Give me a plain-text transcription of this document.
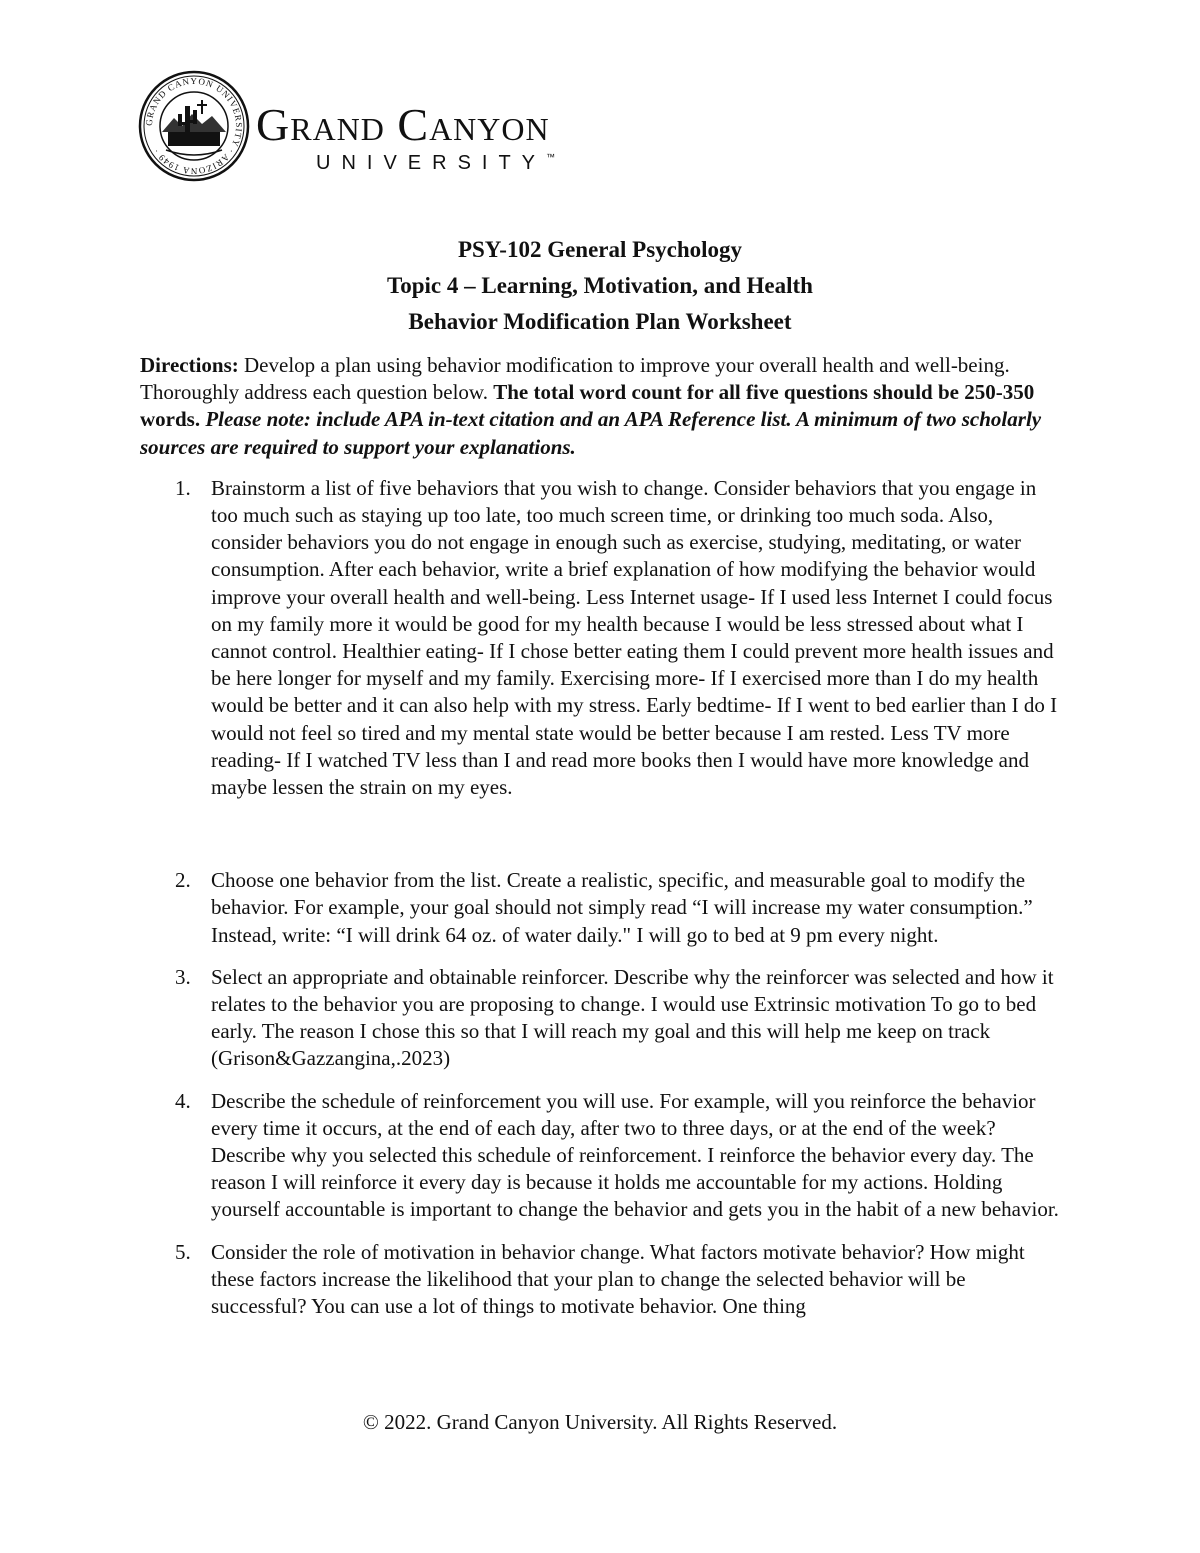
GRAND CANYON UNIVERSITY · ARIZONA 1949 ·
Grand Canyon
UNIVERSITY™
PSY-102 General Psychology
Topic 4 – Learning, Motivation, and Health
Behavior Modification Plan Worksheet

Directions: Develop a plan using behavior modification to improve your overall health and well-being. Thoroughly address each question below. The total word count for all five questions should be 250-350 words. Please note: include APA in-text citation and an APA Reference list. A minimum of two scholarly sources are required to support your explanations.

1. Brainstorm a list of five behaviors that you wish to change. Consider behaviors that you engage in too much such as staying up too late, too much screen time, or drinking too much soda. Also, consider behaviors you do not engage in enough such as exercise, studying, meditating, or water consumption. After each behavior, write a brief explanation of how modifying the behavior would improve your overall health and well-being. Less Internet usage- If I used less Internet I could focus on my family more it would be good for my health because I would be less stressed about what I cannot control. Healthier eating- If I chose better eating them I could prevent more health issues and be here longer for myself and my family. Exercising more- If I exercised more than I do my health would be better and it can also help with my stress. Early bedtime- If I went to bed earlier than I do I would not feel so tired and my mental state would be better because I am rested. Less TV more reading- If I watched TV less than I and read more books then I would have more knowledge and maybe lessen the strain on my eyes.
2. Choose one behavior from the list. Create a realistic, specific, and measurable goal to modify the behavior. For example, your goal should not simply read “I will increase my water consumption.” Instead, write: “I will drink 64 oz. of water daily." I will go to bed at 9 pm every night.
3. Select an appropriate and obtainable reinforcer. Describe why the reinforcer was selected and how it relates to the behavior you are proposing to change. I would use Extrinsic motivation To go to bed early. The reason I chose this so that I will reach my goal and this will help me keep on track (Grison&Gazzangina,.2023)
4. Describe the schedule of reinforcement you will use. For example, will you reinforce the behavior every time it occurs, at the end of each day, after two to three days, or at the end of the week? Describe why you selected this schedule of reinforcement. I reinforce the behavior every day. The reason I will reinforce it every day is because it holds me accountable for my actions. Holding yourself accountable is important to change the behavior and gets you in the habit of a new behavior.
5. Consider the role of motivation in behavior change. What factors motivate behavior? How might these factors increase the likelihood that your plan to change the selected behavior will be successful? You can use a lot of things to motivate behavior. One thing
© 2022. Grand Canyon University. All Rights Reserved.
